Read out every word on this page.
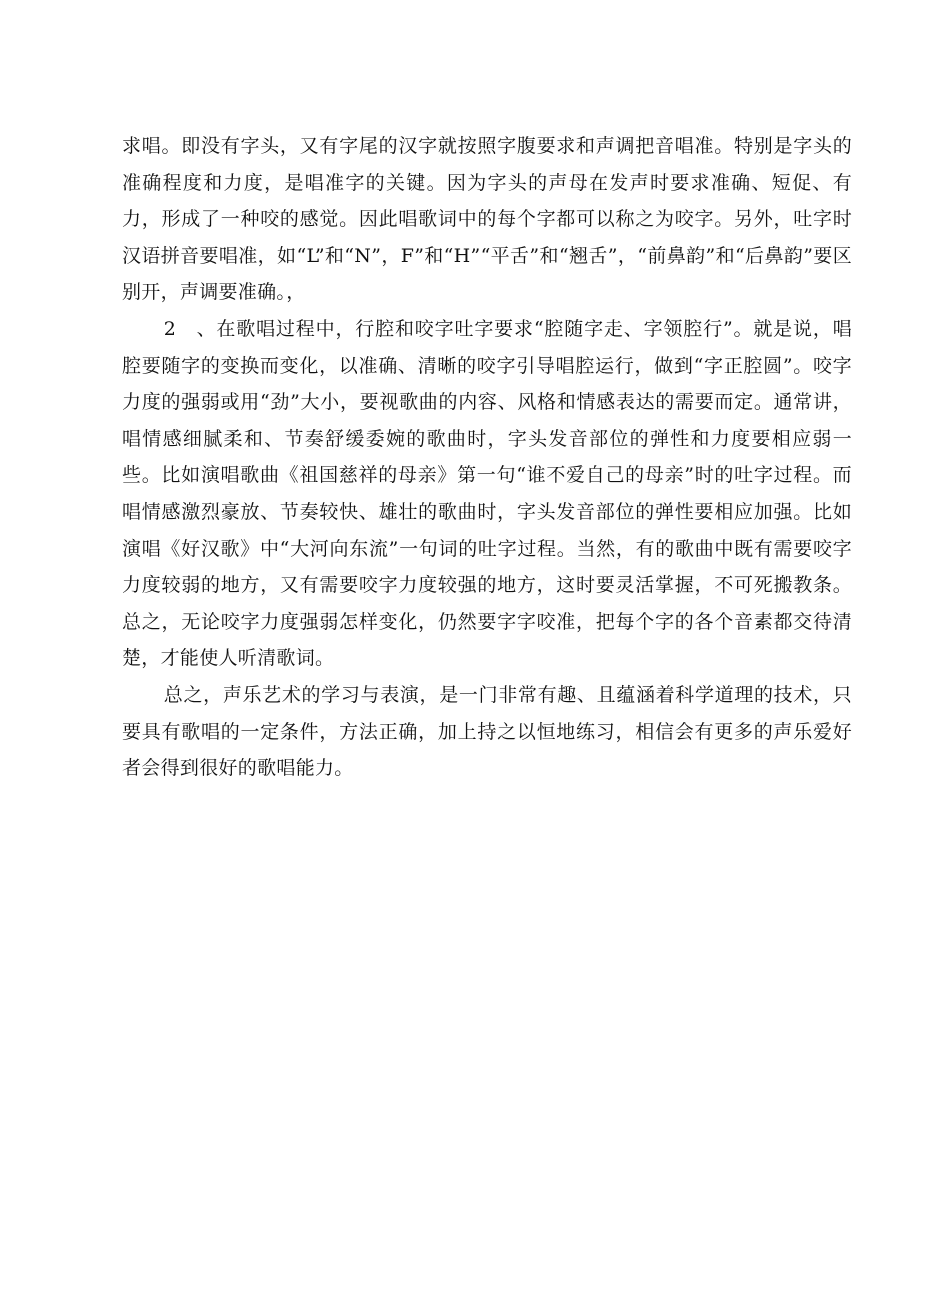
求唱。即没有字头，又有字尾的汉字就按照字腹要求和声调把音唱准。特别是字头的准确程度和力度，是唱准字的关键。因为字头的声母在发声时要求准确、短促、有力，形成了一种咬的感觉。因此唱歌词中的每个字都可以称之为咬字。另外，吐字时汉语拼音要唱准，如“L”和“N”，F”和“H”“平舌”和“翘舌”，“前鼻韵”和“后鼻韵”要区别开，声调要准确。，

2　、在歌唱过程中，行腔和咬字吐字要求“腔随字走、字领腔行”。就是说，唱腔要随字的变换而变化，以准确、清晰的咬字引导唱腔运行，做到“字正腔圆”。咬字力度的强弱或用“劲”大小，要视歌曲的内容、风格和情感表达的需要而定。通常讲，唱情感细腻柔和、节奏舒缓委婉的歌曲时，字头发音部位的弹性和力度要相应弱一些。比如演唱歌曲《祖国慈祥的母亲》第一句“谁不爱自己的母亲”时的吐字过程。而唱情感激烈豪放、节奏较快、雄壮的歌曲时，字头发音部位的弹性要相应加强。比如演唱《好汉歌》中“大河向东流”一句词的吐字过程。当然，有的歌曲中既有需要咬字力度较弱的地方，又有需要咬字力度较强的地方，这时要灵活掌握，不可死搬教条。总之，无论咬字力度强弱怎样变化，仍然要字字咬准，把每个字的各个音素都交待清楚，才能使人听清歌词。

总之，声乐艺术的学习与表演，是一门非常有趣、且蕴涵着科学道理的技术，只要具有歌唱的一定条件，方法正确，加上持之以恒地练习，相信会有更多的声乐爱好者会得到很好的歌唱能力。
